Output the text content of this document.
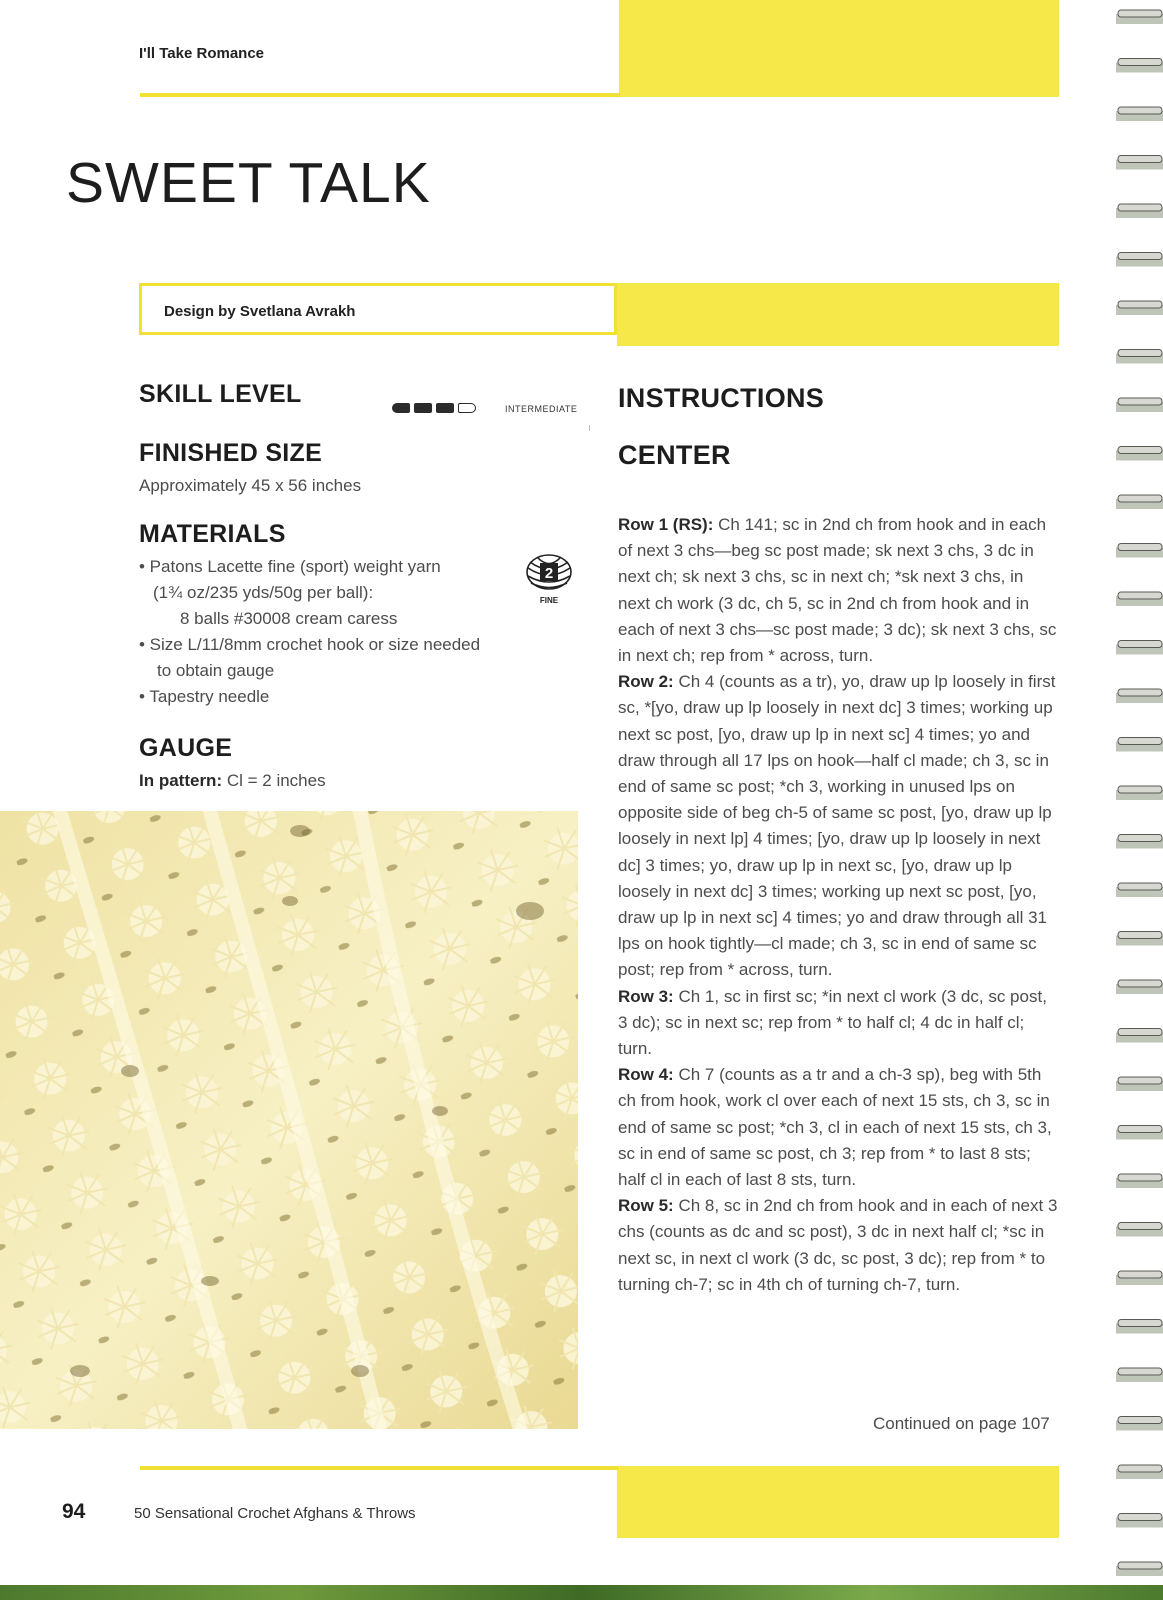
I'll Take Romance
SWEET TALK
Design by Svetlana Avrakh
SKILL LEVEL
INTERMEDIATE
FINISHED SIZE
Approximately 45 x 56 inches
MATERIALS
• Patons Lacette fine (sport) weight yarn
(1¾ oz/235 yds/50g per ball):
8 balls #30008 cream caress
• Size L/11/8mm crochet hook or size needed
to obtain gauge
• Tapestry needle
2
FINE
GAUGE
In pattern: Cl = 2 inches
INSTRUCTIONS
CENTER

Row 1 (RS): Ch 141; sc in 2nd ch from hook and in each of next 3 chs—beg sc post made; sk next 3 chs, 3 dc in next ch; sk next 3 chs, sc in next ch; *sk next 3 chs, in next ch work (3 dc, ch 5, sc in 2nd ch from hook and in each of next 3 chs—sc post made; 3 dc); sk next 3 chs, sc in next ch; rep from * across, turn.

Row 2: Ch 4 (counts as a tr), yo, draw up lp loosely in first sc, *[yo, draw up lp loosely in next dc] 3 times; working up next sc post, [yo, draw up lp in next sc] 4 times; yo and draw through all 17 lps on hook—half cl made; ch 3, sc in end of same sc post; *ch 3, working in unused lps on opposite side of beg ch-5 of same sc post, [yo, draw up lp loosely in next lp] 4 times; [yo, draw up lp loosely in next dc] 3 times; yo, draw up lp in next sc, [yo, draw up lp loosely in next dc] 3 times; working up next sc post, [yo, draw up lp in next sc] 4 times; yo and draw through all 31 lps on hook tightly—cl made; ch 3, sc in end of same sc post; rep from * across, turn.

Row 3: Ch 1, sc in first sc; *in next cl work (3 dc, sc post, 3 dc); sc in next sc; rep from * to half cl; 4 dc in half cl; turn.

Row 4: Ch 7 (counts as a tr and a ch-3 sp), beg with 5th ch from hook, work cl over each of next 15 sts, ch 3, sc in end of same sc post; *ch 3, cl in each of next 15 sts, ch 3, sc in end of same sc post, ch 3; rep from * to last 8 sts; half cl in each of last 8 sts, turn.

Row 5: Ch 8, sc in 2nd ch from hook and in each of next 3 chs (counts as dc and sc post), 3 dc in next half cl; *sc in next sc, in next cl work (3 dc, sc post, 3 dc); rep from * to turning ch-7; sc in 4th ch of turning ch-7, turn.

Continued on page 107
94	50 Sensational Crochet Afghans & Throws
